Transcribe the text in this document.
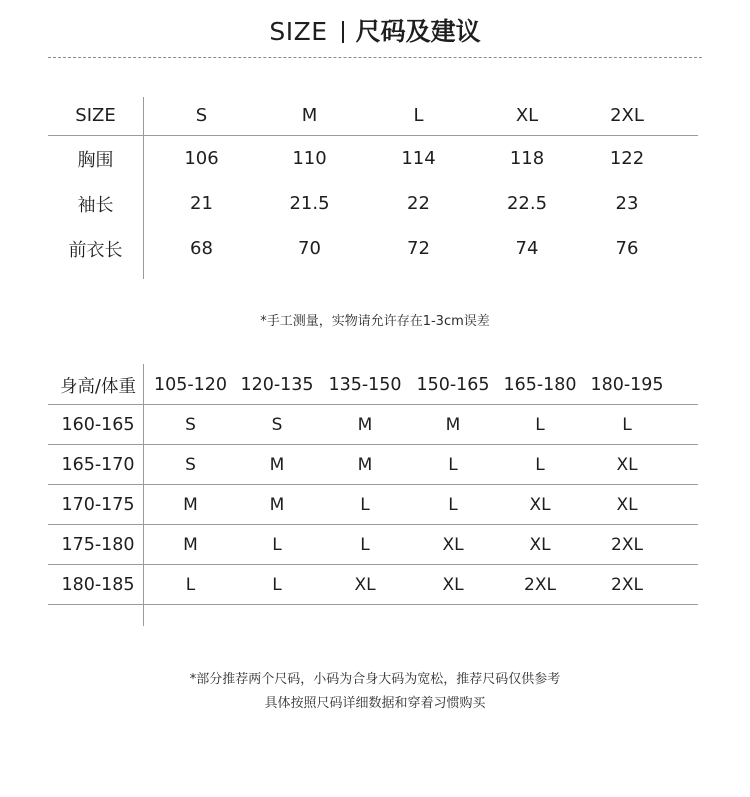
SIZE 尺码及建议
SIZE	S	M	L	XL	2XL
胸围	106	110	114	118	122
袖长	21	21.5	22	22.5	23
前衣长	68	70	72	74	76
*手工测量，实物请允许存在1-3cm误差
身高/体重	105-120 120-135 135-150 150-165 165-180 180-195
160-165	S	S	M	M	L	L
165-170	S	M	M	L	L	XL
170-175	M	M	L	L	XL	XL
175-180	M	L	L	XL	XL	2XL
180-185	L	L	XL	XL	2XL	2XL
*部分推荐两个尺码，小码为合身大码为宽松，推荐尺码仅供参考
具体按照尺码详细数据和穿着习惯购买
